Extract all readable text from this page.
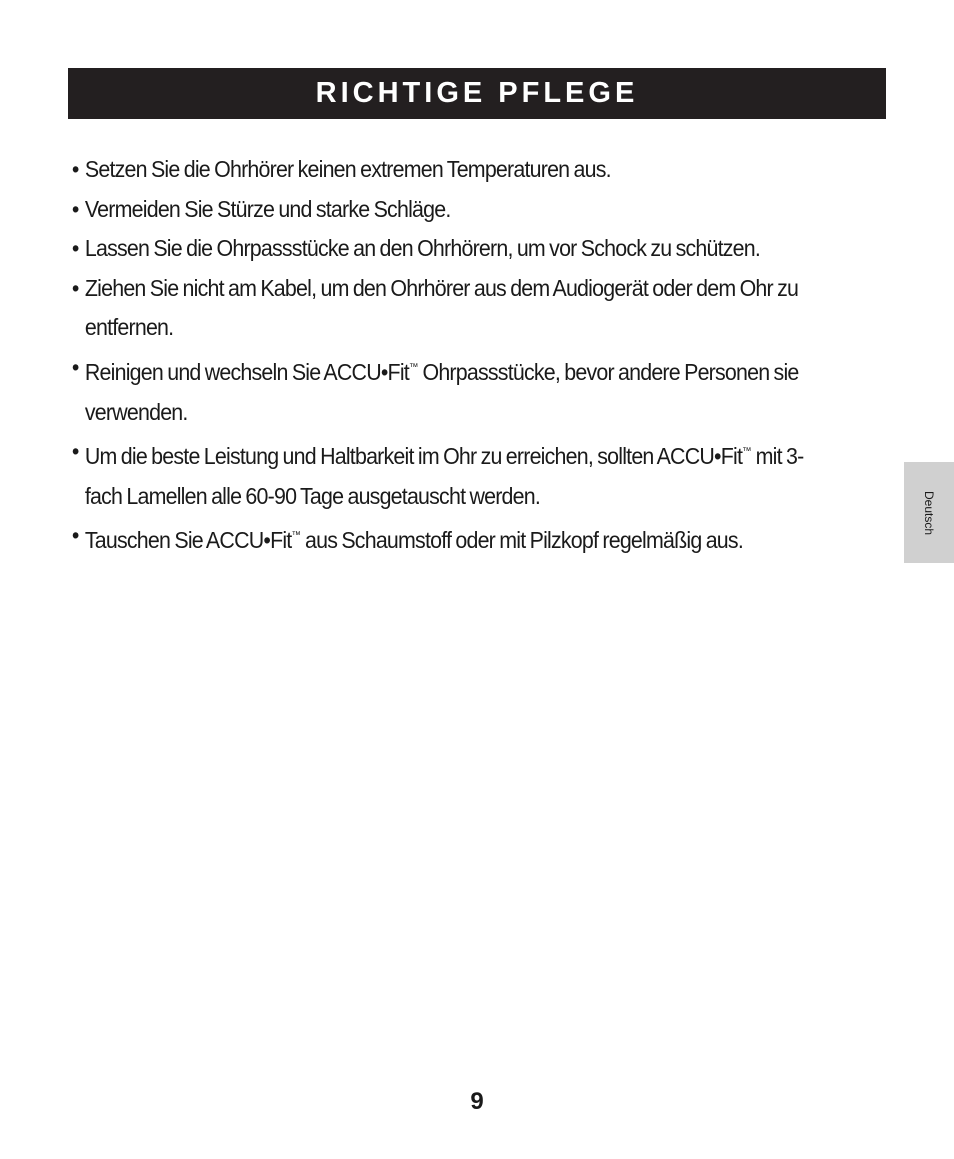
RICHTIGE PFLEGE
• Setzen Sie die Ohrhörer keinen extremen Temperaturen aus.
• Vermeiden Sie Stürze und starke Schläge.
• Lassen Sie die Ohrpassstücke an den Ohrhörern, um vor Schock zu schützen.
• Ziehen Sie nicht am Kabel, um den Ohrhörer aus dem Audiogerät oder dem Ohr zu entfernen.
• Reinigen und wechseln Sie ACCU•Fit™ Ohrpassstücke, bevor andere Personen sie verwenden.
• Um die beste Leistung und Haltbarkeit im Ohr zu erreichen, sollten ACCU•Fit™ mit 3-fach Lamellen alle 60-90 Tage ausgetauscht werden.
• Tauschen Sie ACCU•Fit™ aus Schaumstoff oder mit Pilzkopf regelmäßig aus.
Deutsch
9
